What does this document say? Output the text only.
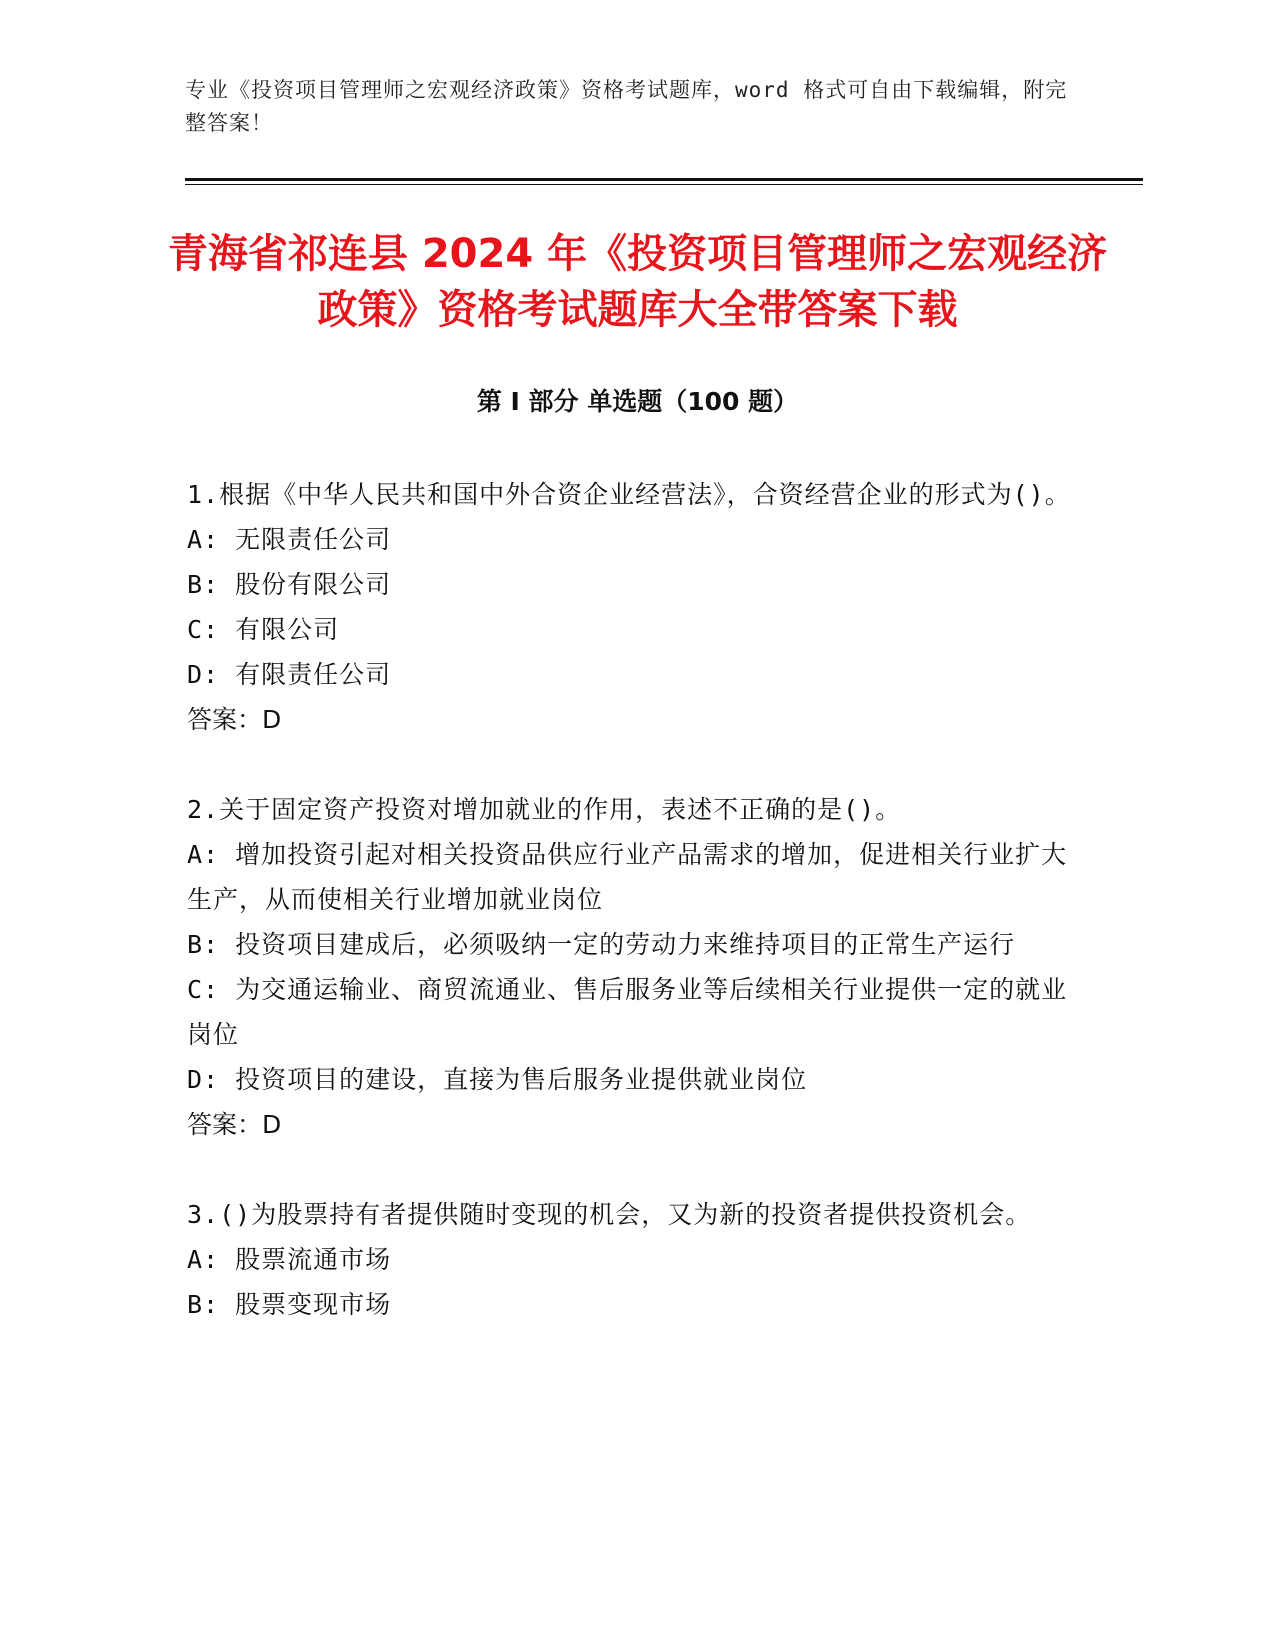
专业《投资项目管理师之宏观经济政策》资格考试题库，word 格式可自由下载编辑，附完整答案！
青海省祁连县 2024 年《投资项目管理师之宏观经济政策》资格考试题库大全带答案下载
第 I 部分 单选题（100 题）
1.根据《中华人民共和国中外合资企业经营法》，合资经营企业的形式为()。
A: 无限责任公司
B: 股份有限公司
C: 有限公司
D: 有限责任公司
答案：D
2.关于固定资产投资对增加就业的作用，表述不正确的是()。
A: 增加投资引起对相关投资品供应行业产品需求的增加，促进相关行业扩大生产，从而使相关行业增加就业岗位
B: 投资项目建成后，必须吸纳一定的劳动力来维持项目的正常生产运行
C: 为交通运输业、商贸流通业、售后服务业等后续相关行业提供一定的就业岗位
D: 投资项目的建设，直接为售后服务业提供就业岗位
答案：D
3.()为股票持有者提供随时变现的机会，又为新的投资者提供投资机会。
A: 股票流通市场
B: 股票变现市场
